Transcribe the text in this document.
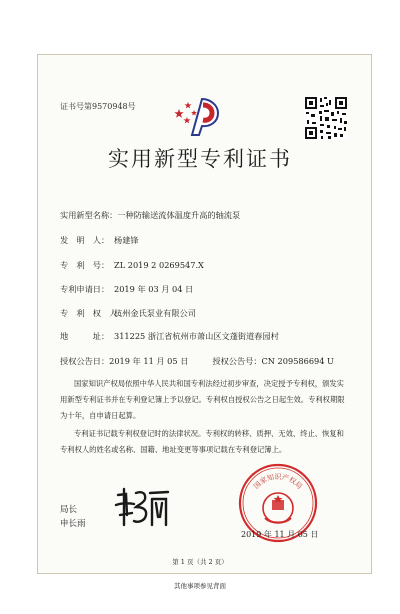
证书号第9570948号
实用新型专利证书
实用新型名称：一种防输送流体温度升高的轴流泵
发　明　人： 杨建锋
专　利　号： ZL 2019 2 0269547.X
专利申请日： 2019 年 03 月 04 日
专　利　权　人：杭州金氏泵业有限公司
地　　　址： 311225 浙江省杭州市萧山区文蓬街道春园村
授权公告日：2019 年 11 月 05 日	授权公告号：CN 209586694 U
国家知识产权局依照中华人民共和国专利法经过初步审查，决定授予专利权，颁发实用新型专利证书并在专利登记簿上予以登记。专利权自授权公告之日起生效。专利权期限为十年，自申请日起算。
专利证书记载专利权登记时的法律状况。专利权的转移、质押、无效、终止、恢复和专利权人的姓名或名称、国籍、地址变更等事项记载在专利登记簿上。
局长
申长雨
国家知识产权局
2019 年 11 月 05 日
第 1 页（共 2 页）
其他事项参见背面
